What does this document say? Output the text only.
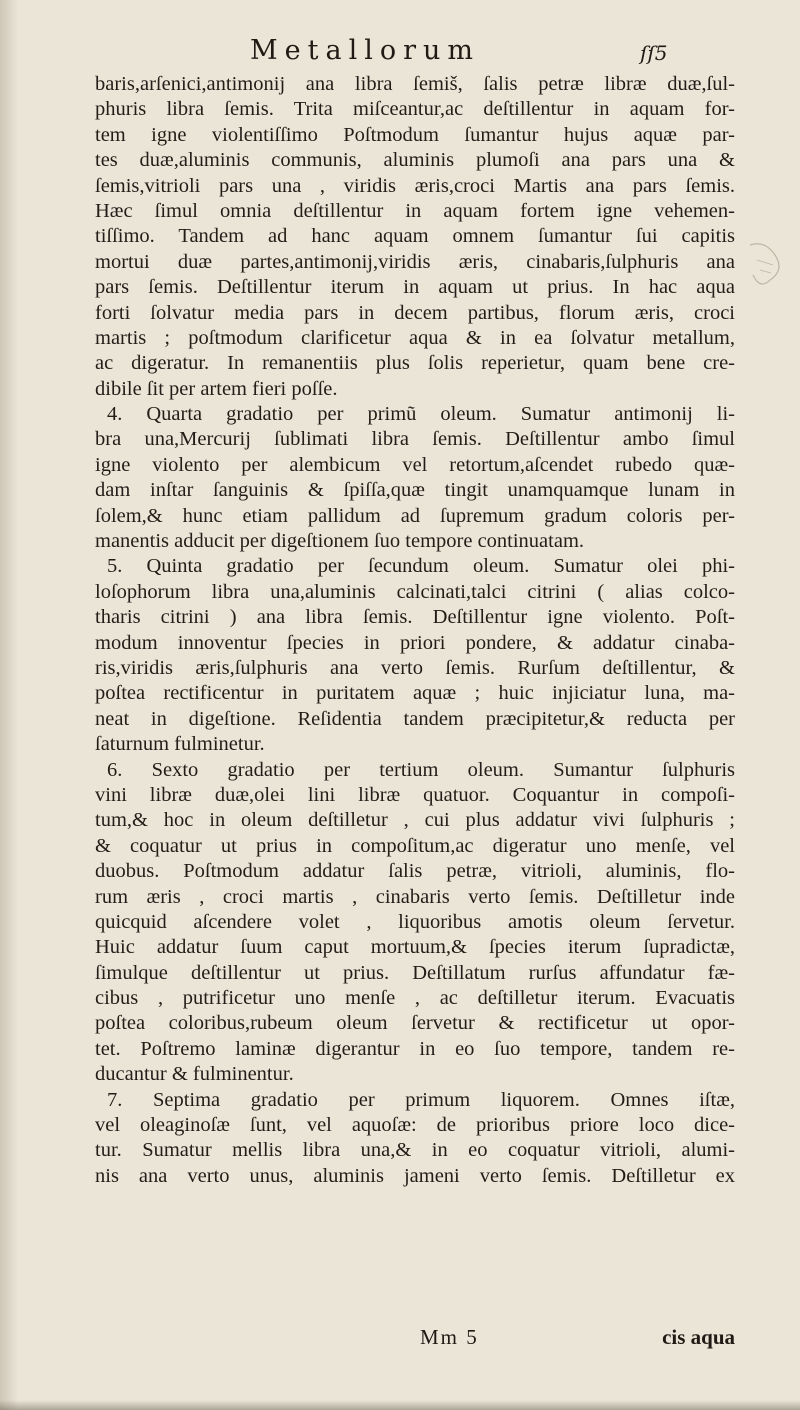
Metallorum	ſſ5
baris,arſenici,antimonij ana libra ſemiš, ſalis petræ libræ duæ,ſul-
phuris libra ſemis. Trita miſceantur,ac deſtillentur in aquam for-
tem igne violentiſſimo Poſtmodum ſumantur hujus aquæ par-
tes duæ,aluminis communis, aluminis plumoſi ana pars una &
ſemis,vitrioli pars una , viridis æris,croci Martis ana pars ſemis.
Hæc ſimul omnia deſtillentur in aquam fortem igne vehemen-
tiſſimo. Tandem ad hanc aquam omnem ſumantur ſui capitis
mortui duæ partes,antimonij,viridis æris, cinabaris,ſulphuris ana
pars ſemis. Deſtillentur iterum in aquam ut prius. In hac aqua
forti ſolvatur media pars in decem partibus, florum æris, croci
martis ; poſtmodum clarificetur aqua & in ea ſolvatur metallum,
ac digeratur. In remanentiis plus ſolis reperietur, quam bene cre-
dibile ſit per artem fieri poſſe.
4. Quarta gradatio per primũ oleum. Sumatur antimonij li-
bra una,Mercurij ſublimati libra ſemis. Deſtillentur ambo ſimul
igne violento per alembicum vel retortum,aſcendet rubedo quæ-
dam inſtar ſanguinis & ſpiſſa,quæ tingit unamquamque lunam in
ſolem,& hunc etiam pallidum ad ſupremum gradum coloris per-
manentis adducit per digeſtionem ſuo tempore continuatam.
5. Quinta gradatio per ſecundum oleum. Sumatur olei phi-
loſophorum libra una,aluminis calcinati,talci citrini ( alias colco-
tharis citrini ) ana libra ſemis. Deſtillentur igne violento. Poſt-
modum innoventur ſpecies in priori pondere, & addatur cinaba-
ris,viridis æris,ſulphuris ana verto ſemis. Rurſum deſtillentur, &
poſtea rectificentur in puritatem aquæ ; huic injiciatur luna, ma-
neat in digeſtione. Reſidentia tandem præcipitetur,& reducta per
ſaturnum fulminetur.
6. Sexto gradatio per tertium oleum. Sumantur ſulphuris
vini libræ duæ,olei lini libræ quatuor. Coquantur in compoſi-
tum,& hoc in oleum deſtilletur , cui plus addatur vivi ſulphuris ;
& coquatur ut prius in compoſitum,ac digeratur uno menſe, vel
duobus. Poſtmodum addatur ſalis petræ, vitrioli, aluminis, flo-
rum æris , croci martis , cinabaris verto ſemis. Deſtilletur inde
quicquid aſcendere volet , liquoribus amotis oleum ſervetur.
Huic addatur ſuum caput mortuum,& ſpecies iterum ſupradictæ,
ſimulque deſtillentur ut prius. Deſtillatum rurſus affundatur fæ-
cibus , putrificetur uno menſe , ac deſtilletur iterum. Evacuatis
poſtea coloribus,rubeum oleum ſervetur & rectificetur ut opor-
tet. Poſtremo laminæ digerantur in eo ſuo tempore, tandem re-
ducantur & fulminentur.
7. Septima gradatio per primum liquorem. Omnes iſtæ,
vel oleaginoſæ ſunt, vel aquoſæ: de prioribus priore loco dice-
tur. Sumatur mellis libra una,& in eo coquatur vitrioli, alumi-
nis ana verto unus, aluminis jameni verto ſemis. Deſtilletur ex
Mm 5	cis aqua
